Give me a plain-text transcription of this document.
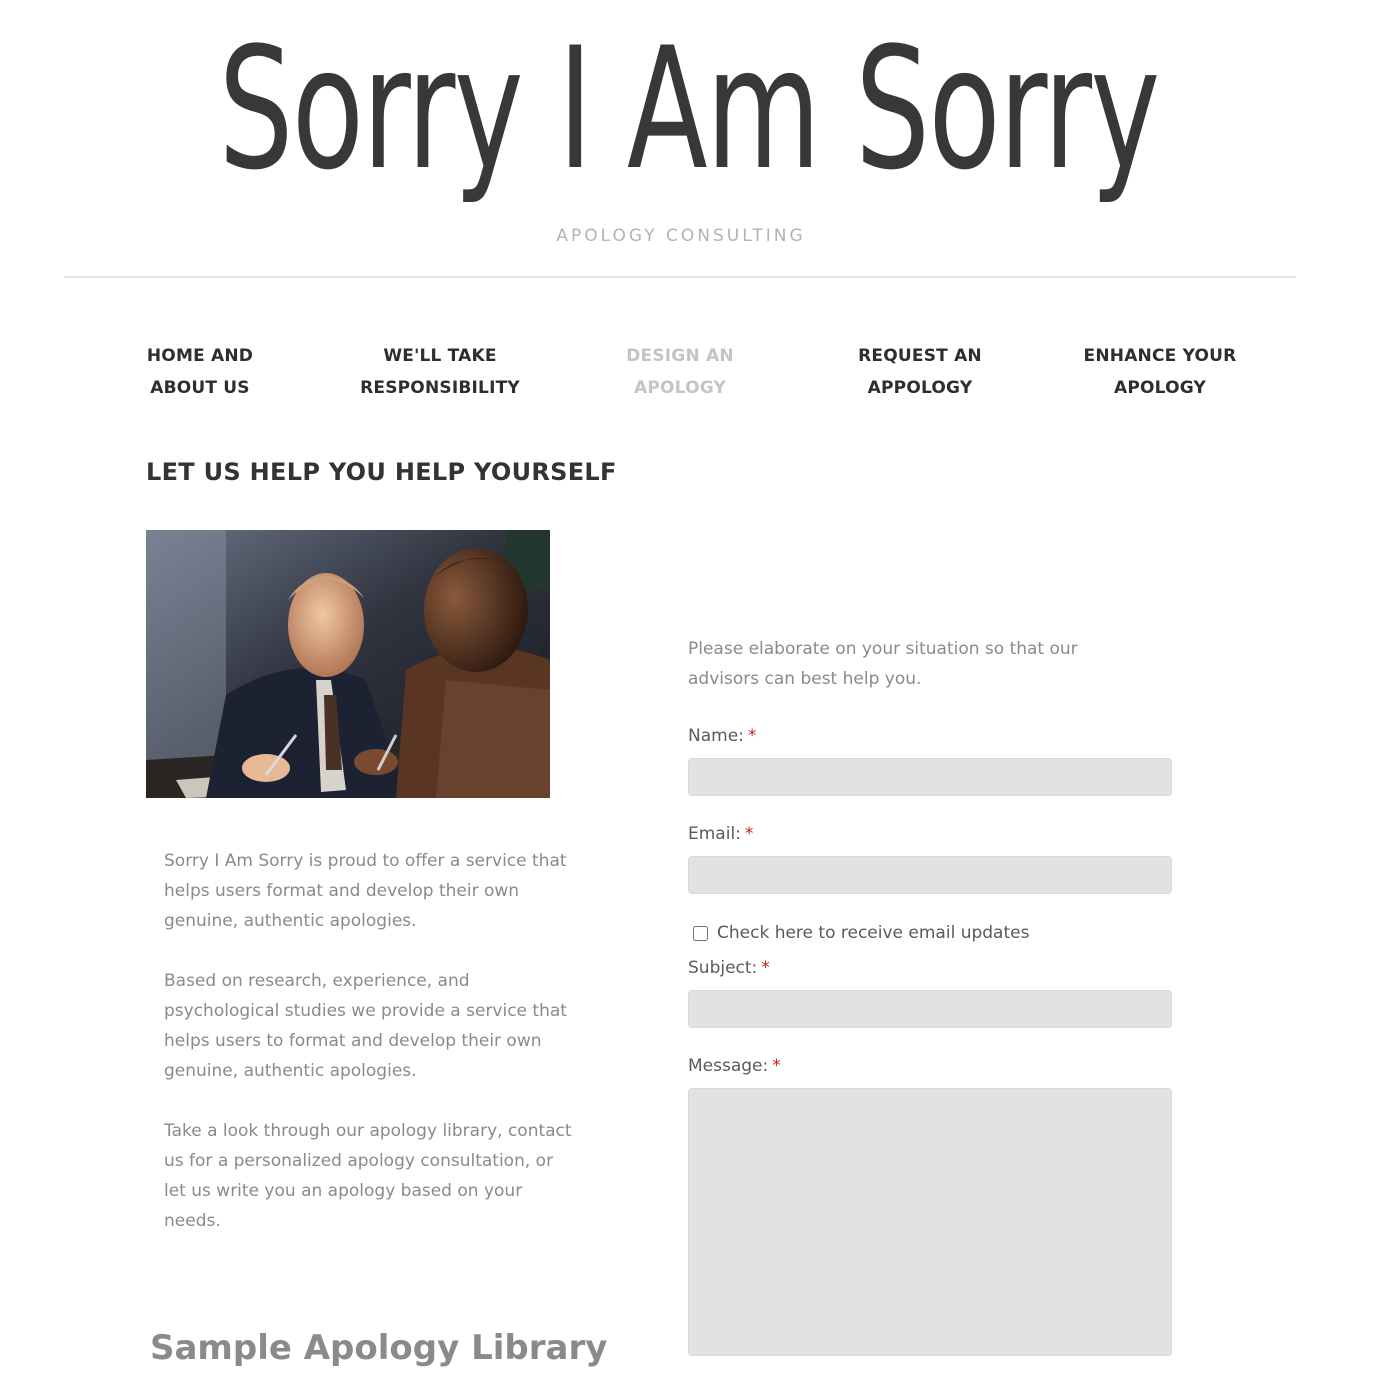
Sorry I Am Sorry
APOLOGY CONSULTING
HOME AND
ABOUT US
WE'LL TAKE
RESPONSIBILITY
DESIGN AN
APOLOGY
REQUEST AN
APPOLOGY
ENHANCE YOUR
APOLOGY
LET US HELP YOU HELP YOURSELF

Sorry I Am Sorry is proud to offer a service that helps users format and develop their own genuine, authentic apologies.

Based on research, experience, and psychological studies we provide a service that helps users to format and develop their own genuine, authentic apologies.

Take a look through our apology library, contact us for a personalized apology consultation, or let us write you an apology based on your needs.

Sample Apology Library

Please elaborate on your situation so that our advisors can best help you.

Name: *
Email: *
Check here to receive email updates
Subject: *
Message: *
